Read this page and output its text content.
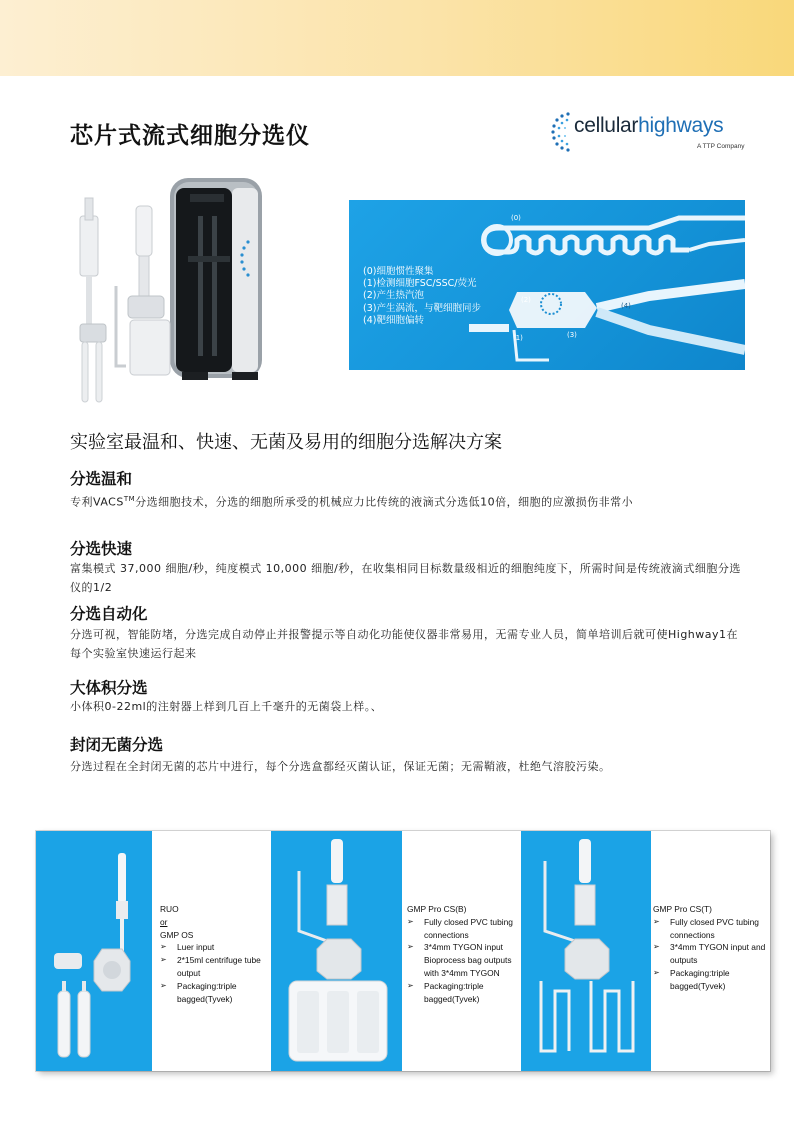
芯片式流式细胞分选仪	cellularhighways
A TTP Company
(0)
(2)
(1)	(3)
(4)
(0)细胞惯性聚集
(1)检测细胞FSC/SSC/荧光
(2)产生热汽泡
(3)产生涡流，与靶细胞同步
(4)靶细胞偏转
实验室最温和、快速、无菌及易用的细胞分选解决方案
分选温和
专利VACS™分选细胞技术，分选的细胞所承受的机械应力比传统的液滴式分选低10倍，细胞的应激损伤非常小
分选快速
富集模式 37,000 细胞/秒，纯度模式 10,000 细胞/秒，在收集相同目标数量级相近的细胞纯度下，所需时间是传统液滴式细胞分选仪的1/2
分选自动化
分选可视，智能防堵，分选完成自动停止并报警提示等自动化功能使仪器非常易用，无需专业人员，简单培训后就可使Highway1在每个实验室快速运行起来
大体积分选
小体积0-22ml的注射器上样到几百上千毫升的无菌袋上样。、
封闭无菌分选
分选过程在全封闭无菌的芯片中进行，每个分选盒都经灭菌认证，保证无菌；无需鞘液，杜绝气溶胶污染。
RUO
or
GMP OS
➢ Luer input
➢ 2*15ml centrifuge tube output
➢ Packaging:triple bagged(Tyvek)
GMP Pro CS(B)
➢ Fully closed PVC tubing connections
➢ 3*4mm TYGON input Bioprocess bag outputs with 3*4mm TYGON
➢ Packaging:triple bagged(Tyvek)
GMP Pro CS(T)
➢ Fully closed PVC tubing connections
➢ 3*4mm TYGON input and outputs
➢ Packaging:triple bagged(Tyvek)
